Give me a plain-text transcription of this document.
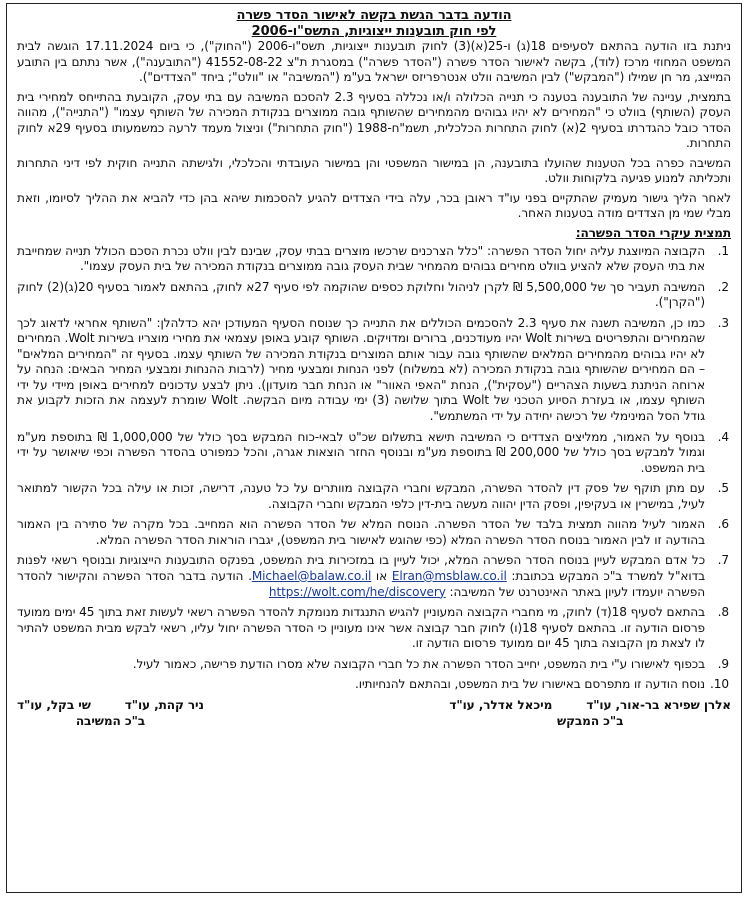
הודעה בדבר הגשת בקשה לאישור הסדר פשרה
לפי חוק תובענות ייצוגיות, התשס"ו-2006

ניתנת בזו הודעה בהתאם לסעיפים 18(ג) ו-25(א)(3) לחוק תובענות ייצוגיות, תשס"ו-2006 ("החוק"), כי ביום 17.11.2024 הוגשה לבית המשפט המחוזי מרכז (לוד), בקשה לאישור הסדר פשרה ("הסדר פשרה") במסגרת ת"צ 41552-08-22 ("התובענה"), אשר נתתם בין התובע המייצג, מר חן שמילו ("המבקש") לבין המשיבה וולט אנטרפריזס ישראל בע"מ ("המשיבה" או "וולט"; ביחד "הצדדים").

בתמצית, עניינה של התובענה בטענה כי תנייה הכלולה ו/או נכללה בסעיף 2.3 להסכם המשיבה עם בתי עסק, הקובעת בהתייחס למחירי בית העסק (השותף) בוולט כי "המחירים לא יהיו גבוהים מהמחירים שהשותף גובה ממוצרים בנקודת המכירה של השותף עצמו" ("התנייה"), מהווה הסדר כובל כהגדרתו בסעיף 2(א) לחוק התחרות הכלכלית, תשמ"ח-1988 ("חוק התחרות") וניצול מעמד לרעה כמשמעותו בסעיף 29א לחוק התחרות.

המשיבה כפרה בכל הטענות שהועלו בתובענה, הן במישור המשפטי והן במישור העובדתי והכלכלי, ולגישתה התנייה חוקית לפי דיני התחרות ותכליתה למנוע פגיעה בלקוחות וולט.

לאחר הליך גישור מעמיק שהתקיים בפני עו"ד ראובן בכר, עלה בידי הצדדים להגיע להסכמות שיהא בהן כדי להביא את ההליך לסיומו, וזאת מבלי שמי מן הצדדים מודה בטענות האחר.

תמצית עיקרי הסדר הפשרה:
1.
הקבוצה המיוצגת עליה יחול הסדר הפשרה: "כלל הצרכנים שרכשו מוצרים בבתי עסק, שבינם לבין וולט נכרת הסכם הכולל תנייה שמחייבת את בתי העסק שלא להציע בוולט מחירים גבוהים מהמחיר שבית העסק גובה ממוצרים בנקודת המכירה של בית העסק עצמו".
2.
המשיבה תעביר סך של 5,500,000 ₪ לקרן לניהול וחלוקת כספים שהוקמה לפי סעיף 27א לחוק, בהתאם לאמור בסעיף 20(ג)(2) לחוק ("הקרן").
3.
כמו כן, המשיבה תשנה את סעיף 2.3 להסכמים הכוללים את התנייה כך שנוסח הסעיף המעודכן יהא כדלהלן: "השותף אחראי לדאוג לכך שהמחירים והתפריטים בשירות Wolt יהיו מעודכנים, ברורים ומדויקים. השותף קובע באופן עצמאי את מחירי מוצריו בשירות Wolt. המחירים לא יהיו גבוהים מהמחירים המלאים שהשותף גובה עבור אותם המוצרים בנקודת המכירה של השותף עצמו. בסעיף זה "המחירים המלאים" – הם המחירים שהשותף גובה בנקודת המכירה (לא במשלוח) לפני הנחות ומבצעי מחיר (לרבות ההנחות ומבצעי המחיר הבאים: הנחה על ארוחה הניתנת בשעות הצהריים ("עסקית"), הנחת "האפי האוור" או הנחת חבר מועדון). ניתן לבצע עדכונים למחירים באופן מיידי על ידי השותף עצמו, או בעזרת הסיוע הטכני של Wolt בתוך שלושה (3) ימי עבודה מיום הבקשה. Wolt שומרת לעצמה את הזכות לקבוע את גודל הסל המינימלי של רכישה יחידה על ידי המשתמש".
4.
בנוסף על האמור, ממליצים הצדדים כי המשיבה תישא בתשלום שכ"ט לבאי-כוח המבקש בסך כולל של 1,000,000 ₪ בתוספת מע"מ וגמול למבקש בסך כולל של 200,000 ₪ בתוספת מע"מ ובנוסף החזר הוצאות אגרה, והכל כמפורט בהסדר הפשרה וכפי שיאושר על ידי בית המשפט.
5.
עם מתן תוקף של פסק דין להסדר הפשרה, המבקש וחברי הקבוצה מוותרים על כל טענה, דרישה, זכות או עילה בכל הקשור למתואר לעיל, במישרין או בעקיפין, ופסק הדין יהווה מעשה בית-דין כלפי המבקש וחברי הקבוצה.
6.
האמור לעיל מהווה תמצית בלבד של הסדר הפשרה. הנוסח המלא של הסדר הפשרה הוא המחייב. בכל מקרה של סתירה בין האמור בהודעה זו לבין האמור בנוסח הסדר הפשרה המלא (כפי שהוגש לאישור בית המשפט), יגברו הוראות הסדר הפשרה המלא.
7.
כל אדם המבקש לעיין בנוסח הסדר הפשרה המלא, יכול לעיין בו במזכירות בית המשפט, בפנקס התובענות הייצוגיות ובנוסף רשאי לפנות בדוא"ל למשרד ב"כ המבקש בכתובת: Elran@msblaw.co.il או Michael@balaw.co.il. הודעה בדבר הסדר הפשרה והקישור להסדר הפשרה יועמדו לעיון באתר האינטרנט של המשיבה: https://wolt.com/he/discovery
8.
בהתאם לסעיף 18(ד) לחוק, מי מחברי הקבוצה המעוניין להגיש התנגדות מנומקת להסדר הפשרה רשאי לעשות זאת בתוך 45 ימים ממועד פרסום הודעה זו. בהתאם לסעיף 18(ו) לחוק חבר קבוצה אשר אינו מעוניין כי הסדר הפשרה יחול עליו, רשאי לבקש מבית המשפט להתיר לו לצאת מן הקבוצה בתוך 45 יום ממועד פרסום הודעה זו.
9.
בכפוף לאישורו ע"י בית המשפט, יחייב הסדר הפשרה את כל חברי הקבוצה שלא מסרו הודעת פרישה, כאמור לעיל.
10.
נוסח הודעה זו מתפרסם באישורו של בית המשפט, ובהתאם להנחיותיו.
אלרן שפירא בר-אור, עו"ד
מיכאל אדלר, עו"ד
ב"כ המבקש
ניר קהת, עו"ד
שי בקל, עו"ד
ב"כ המשיבה
